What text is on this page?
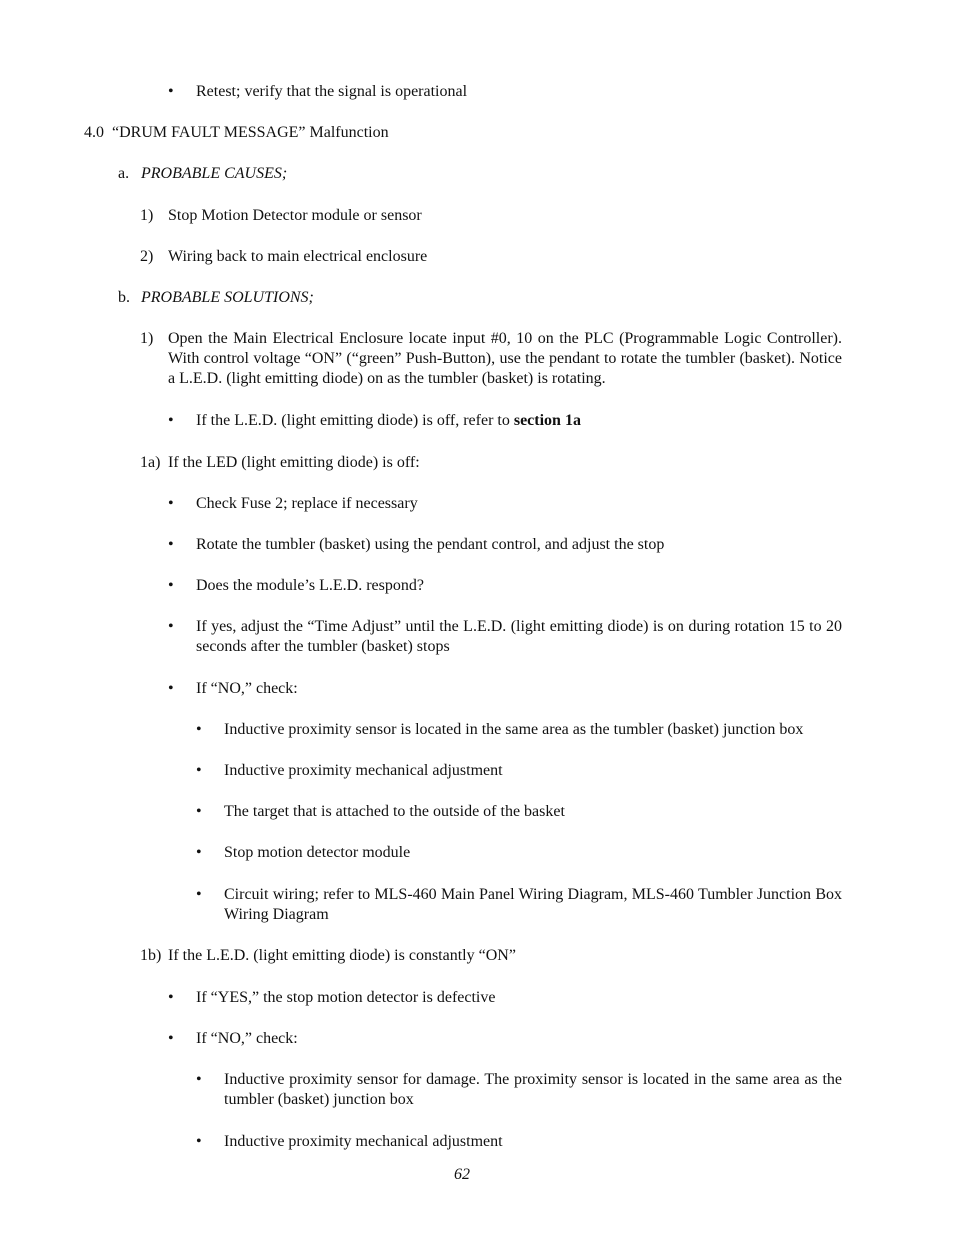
• Retest; verify that the signal is operational
4.0 “DRUM FAULT MESSAGE” Malfunction
a. PROBABLE CAUSES;
1) Stop Motion Detector module or sensor
2) Wiring back to main electrical enclosure
b. PROBABLE SOLUTIONS;
1) Open the Main Electrical Enclosure locate input #0, 10 on the PLC (Programmable Logic Controller). With control voltage “ON” (“green” Push-Button), use the pendant to rotate the tumbler (basket). Notice a L.E.D. (light emitting diode) on as the tumbler (basket) is rotating.
• If the L.E.D. (light emitting diode) is off, refer to section 1a
1a) If the LED (light emitting diode) is off:
• Check Fuse 2; replace if necessary
• Rotate the tumbler (basket) using the pendant control, and adjust the stop
• Does the module’s L.E.D. respond?
• If yes, adjust the “Time Adjust” until the L.E.D. (light emitting diode) is on during rotation 15 to 20 seconds after the tumbler (basket) stops
• If “NO,” check:
• Inductive proximity sensor is located in the same area as the tumbler (basket) junction box
• Inductive proximity mechanical adjustment
• The target that is attached to the outside of the basket
• Stop motion detector module
• Circuit wiring; refer to MLS-460 Main Panel Wiring Diagram, MLS-460 Tumbler Junction Box Wiring Diagram
1b) If the L.E.D. (light emitting diode) is constantly “ON”
• If “YES,” the stop motion detector is defective
• If “NO,” check:
• Inductive proximity sensor for damage. The proximity sensor is located in the same area as the tumbler (basket) junction box
• Inductive proximity mechanical adjustment
62
